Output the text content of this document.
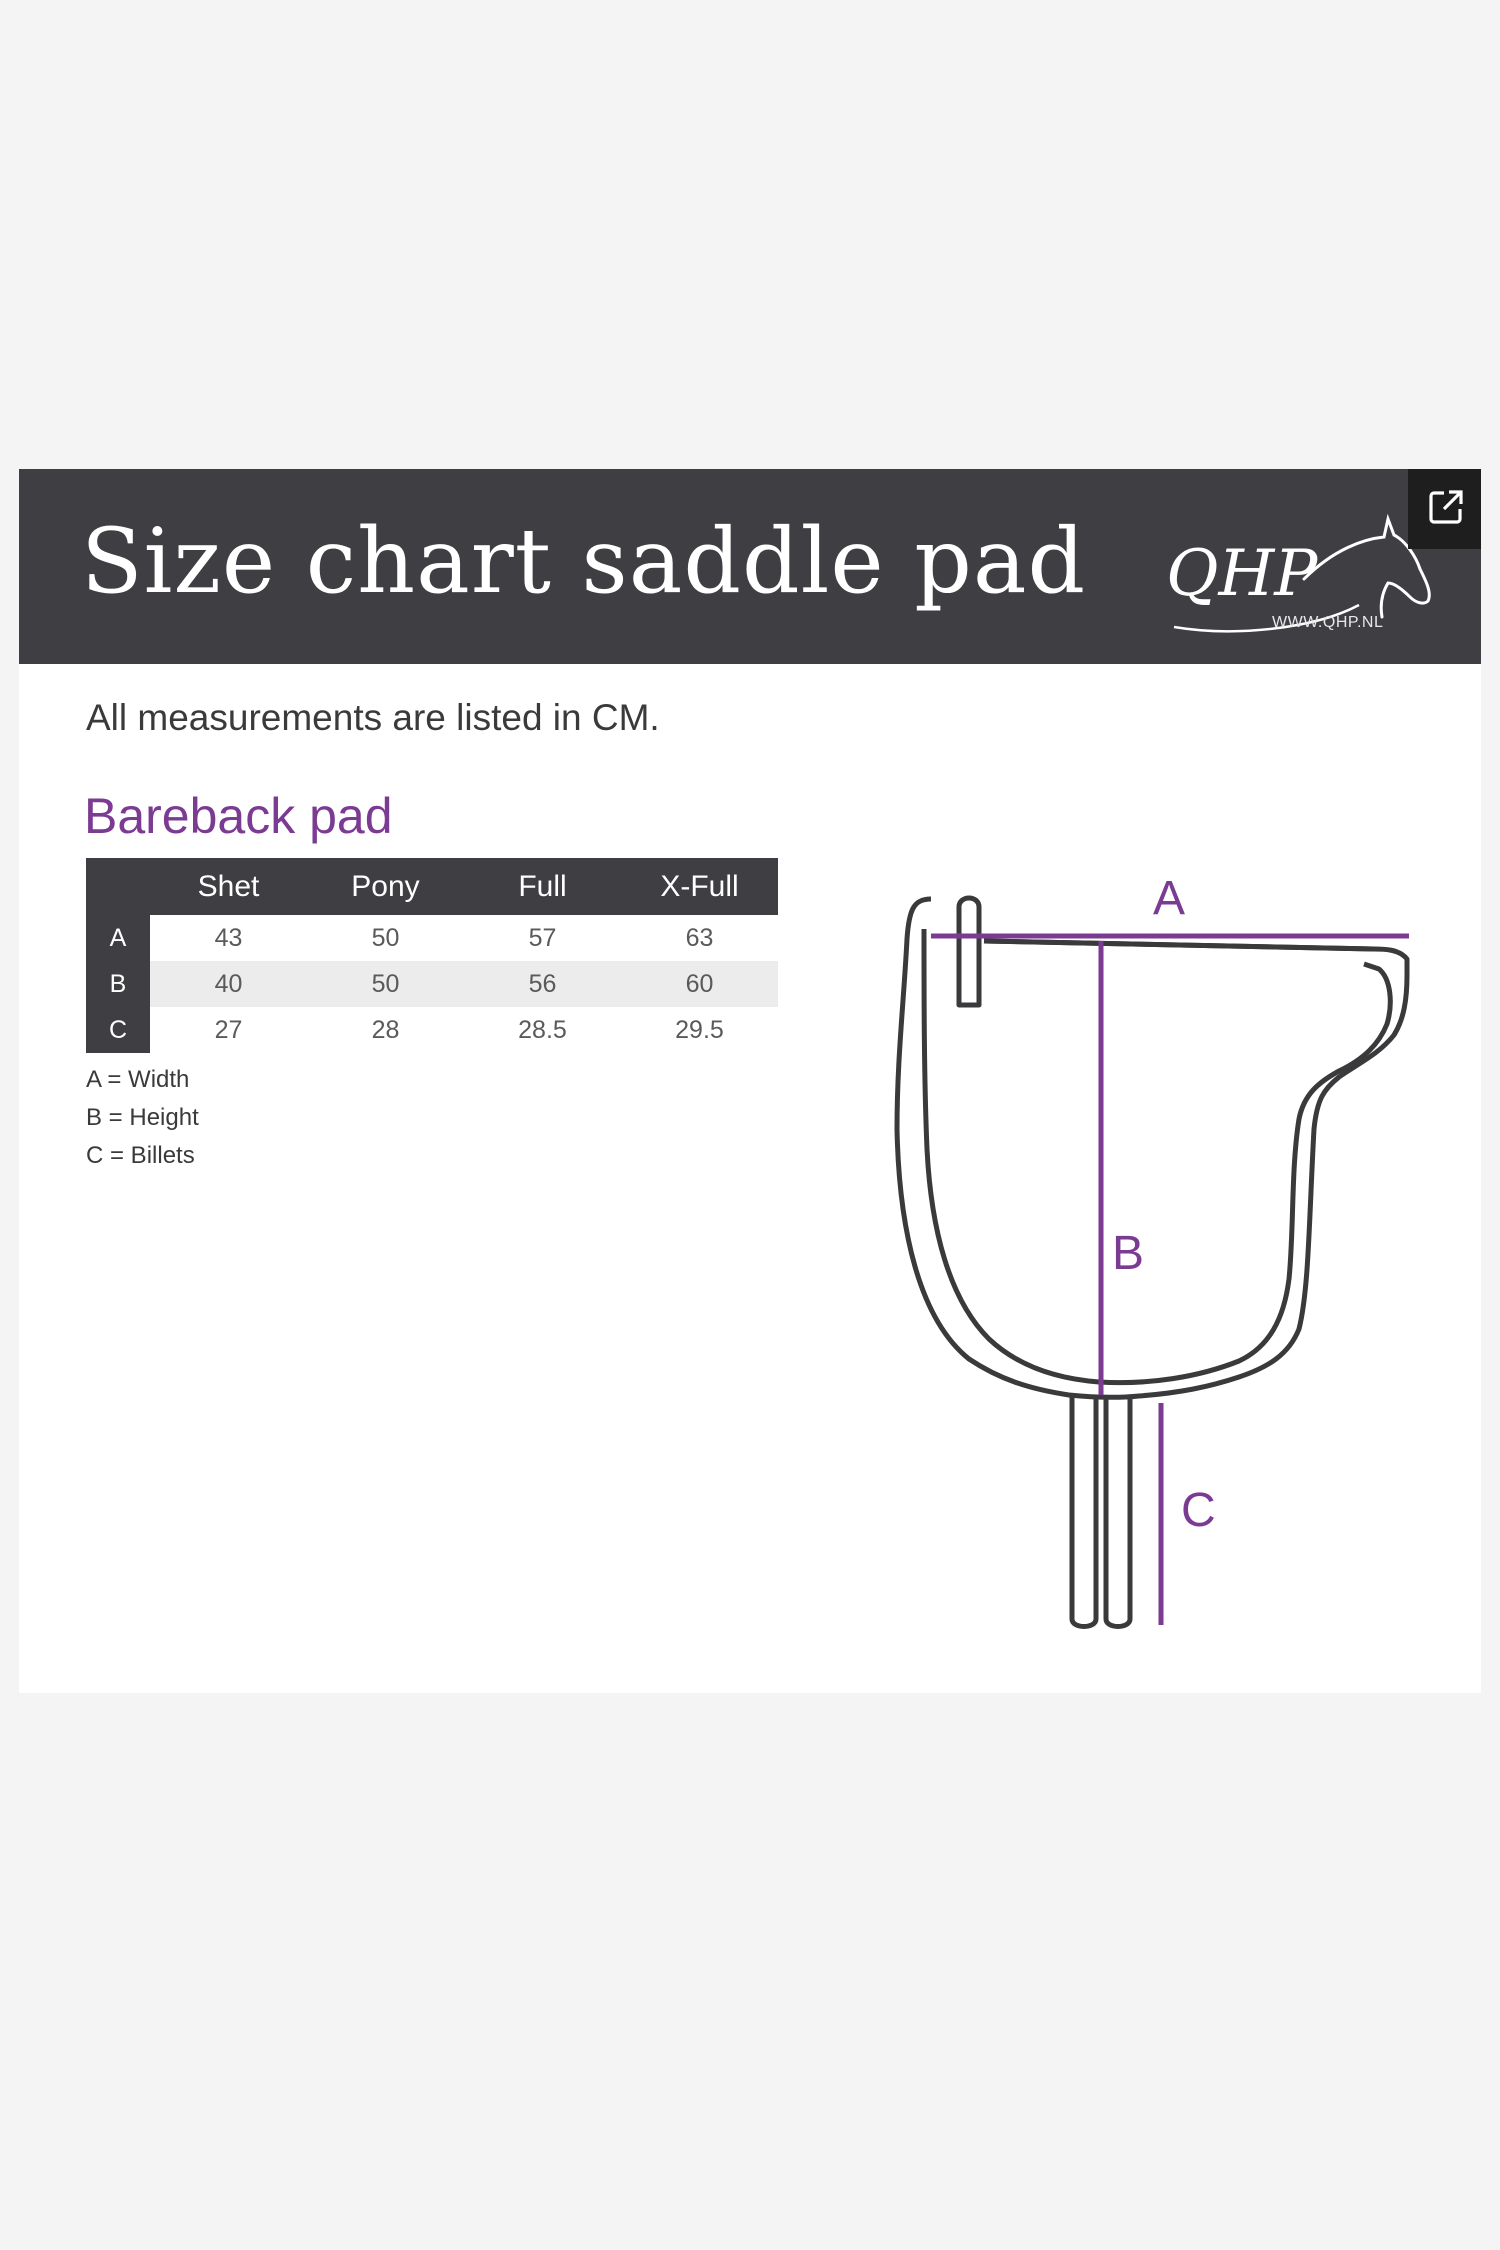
Size chart saddle pad QHP
WWW.QHP.NL
All measurements are listed in CM.
Bareback pad
	Shet	Pony	Full	X-Full
A	43	50	57	63
B	40	50	56	60
C	27	28	28.5	29.5
A = Width
B = Height
C = Billets
A
B
C
